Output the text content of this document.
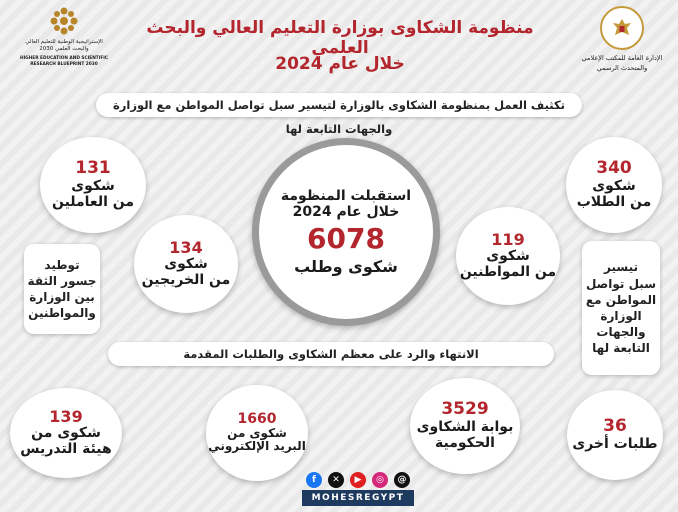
الإستراتيجية الوطنية للتعليم العالي والبحث العلمي 2030
HIGHER EDUCATION AND SCIENTIFIC RESEARCH BLUEPRINT 2030
الإدارة العامة للمكتب الإعلامي
والمتحدث الرسمي
منظومة الشكاوى بوزارة التعليم العالي والبحث العلمي
خلال عام 2024
تكثيف العمل بمنظومة الشكاوى بالوزارة لتيسير سبل تواصل المواطن مع الوزارة والجهات التابعة لها
340
شكوى
من الطلاب
131
شكوى
من العاملين	استقبلت المنظومة
خلال عام 2024
6078
شكوى وطلب
134
شكوى
من الخريجين
119
شكوى
من المواطنين
توطيد
جسور الثقة
بين الوزارة
والمواطنين
تيسير
سبل تواصل
المواطن مع
الوزارة
والجهات
التابعة لها
الانتهاء والرد على معظم الشكاوى والطلبات المقدمة
139
شكوى من
هيئة التدريس
1660
شكوى من
البريد الإلكتروني
3529
بوابة الشكاوى
الحكومية
36
طلبات أخرى
f	✕	▶	◎	@
MOHESREGYPT
